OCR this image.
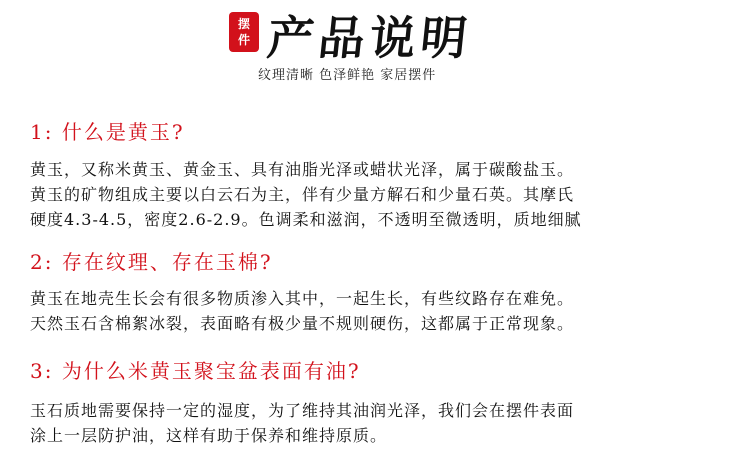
摆
件 产品说明
纹理清晰 色泽鲜艳 家居摆件
1: 什么是黄玉?
黄玉，又称米黄玉、黄金玉、具有油脂光泽或蜡状光泽，属于碳酸盐玉。
黄玉的矿物组成主要以白云石为主，伴有少量方解石和少量石英。其摩氏
硬度4.3-4.5，密度2.6-2.9。色调柔和滋润，不透明至微透明，质地细腻
2: 存在纹理、存在玉棉?
黄玉在地壳生长会有很多物质渗入其中，一起生长，有些纹路存在难免。
天然玉石含棉絮冰裂，表面略有极少量不规则硬伤，这都属于正常现象。
3: 为什么米黄玉聚宝盆表面有油?
玉石质地需要保持一定的湿度，为了维持其油润光泽，我们会在摆件表面
涂上一层防护油，这样有助于保养和维持原质。
